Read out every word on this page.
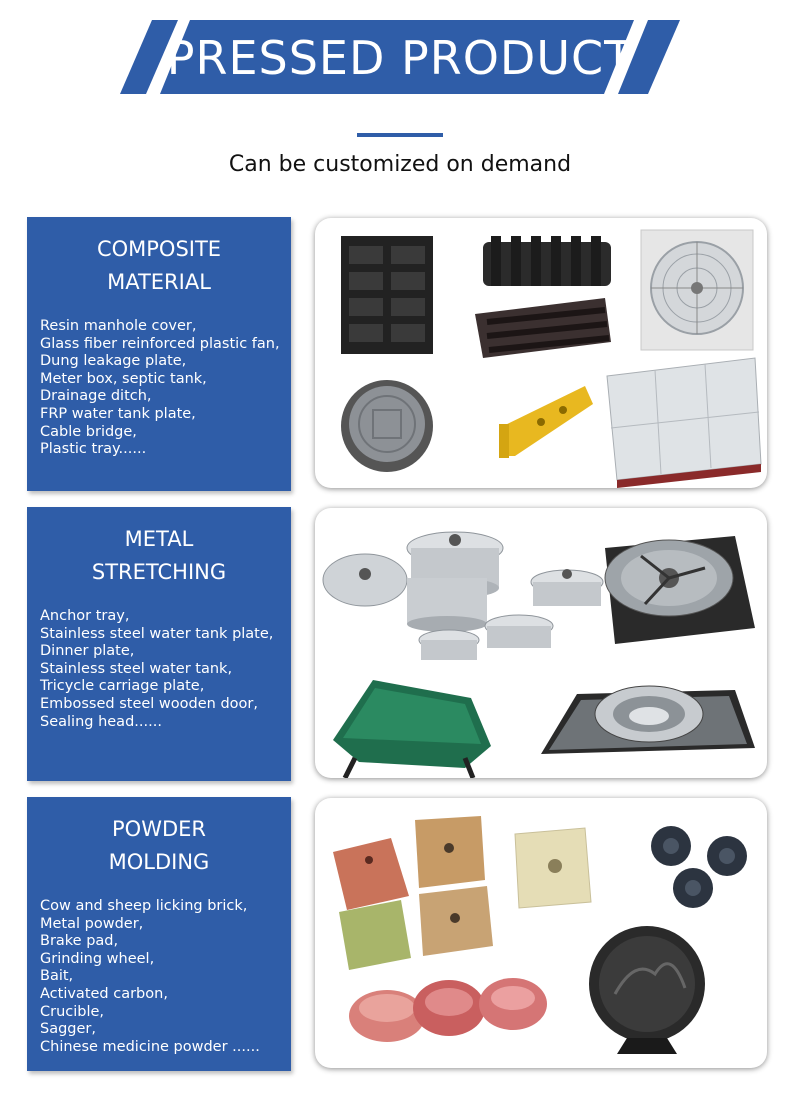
PRESSED PRODUCT
Can be customized on demand
COMPOSITE
MATERIAL
Resin manhole cover,
Glass fiber reinforced plastic fan,
Dung leakage plate,
Meter box, septic tank,
Drainage ditch,
FRP water tank plate,
Cable bridge,
Plastic tray......
METAL
STRETCHING
Anchor tray,
Stainless steel water tank plate,
Dinner plate,
Stainless steel water tank,
Tricycle carriage plate,
Embossed steel wooden door,
Sealing head......
POWDER
MOLDING
Cow and sheep licking brick,
Metal powder,
Brake pad,
Grinding wheel,
Bait,
Activated carbon,
Crucible,
Sagger,
Chinese medicine powder ......
